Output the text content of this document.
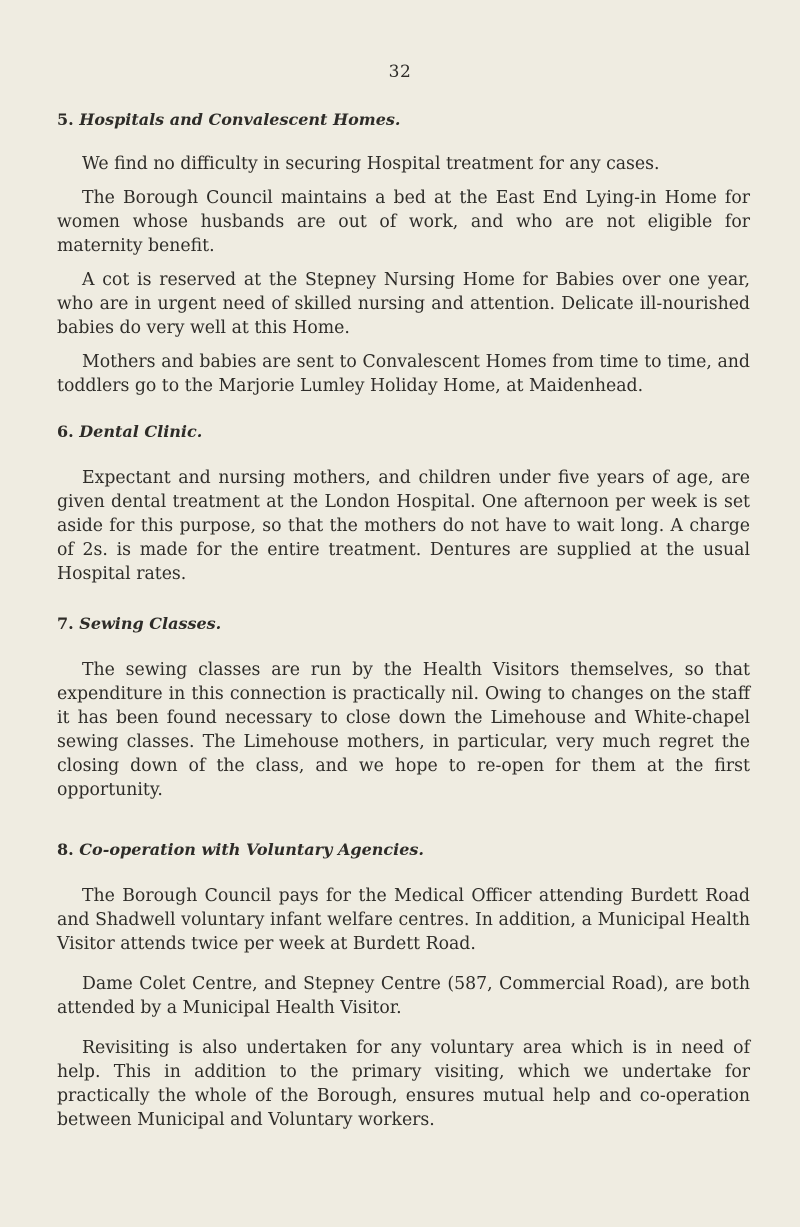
32
5. Hospitals and Convalescent Homes.

We find no difficulty in securing Hospital treatment for any cases.

The Borough Council maintains a bed at the East End Lying-in Home for women whose husbands are out of work, and who are not eligible for maternity benefit.

A cot is reserved at the Stepney Nursing Home for Babies over one year, who are in urgent need of skilled nursing and attention. Delicate ill-nourished babies do very well at this Home.

Mothers and babies are sent to Convalescent Homes from time to time, and toddlers go to the Marjorie Lumley Holiday Home, at Maidenhead.

6. Dental Clinic.

Expectant and nursing mothers, and children under five years of age, are given dental treatment at the London Hospital. One afternoon per week is set aside for this purpose, so that the mothers do not have to wait long. A charge of 2s. is made for the entire treatment. Dentures are supplied at the usual Hospital rates.

7. Sewing Classes.

The sewing classes are run by the Health Visitors themselves, so that expenditure in this connection is practically nil. Owing to changes on the staff it has been found necessary to close down the Limehouse and White-chapel sewing classes. The Limehouse mothers, in particular, very much regret the closing down of the class, and we hope to re-open for them at the first opportunity.

8. Co-operation with Voluntary Agencies.

The Borough Council pays for the Medical Officer attending Burdett Road and Shadwell voluntary infant welfare centres. In addition, a Municipal Health Visitor attends twice per week at Burdett Road.

Dame Colet Centre, and Stepney Centre (587, Commercial Road), are both attended by a Municipal Health Visitor.

Revisiting is also undertaken for any voluntary area which is in need of help. This in addition to the primary visiting, which we undertake for practically the whole of the Borough, ensures mutual help and co-operation between Municipal and Voluntary workers.
